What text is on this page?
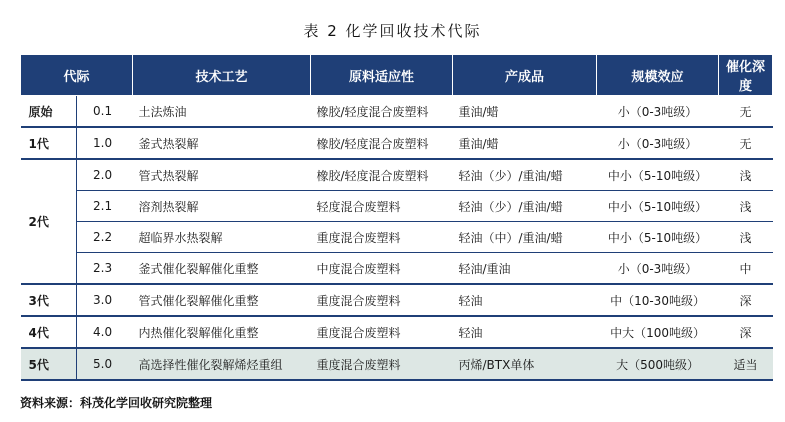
表 2 化学回收技术代际
代际		技术工艺	原料适应性	产成品	规模效应	催化深度
原始	0.1	土法炼油	橡胶/轻度混合废塑料	重油/蜡	小（0-3吨级）	无
1代	1.0	釜式热裂解	橡胶/轻度混合废塑料	重油/蜡	小（0-3吨级）	无
2代	2.0	管式热裂解	橡胶/轻度混合废塑料	轻油（少）/重油/蜡	中小（5-10吨级）	浅
	2.1	溶剂热裂解	轻度混合废塑料	轻油（少）/重油/蜡	中小（5-10吨级）	浅
	2.2	超临界水热裂解	重度混合废塑料	轻油（中）/重油/蜡	中小（5-10吨级）	浅
	2.3	釜式催化裂解催化重整	中度混合废塑料	轻油/重油	小（0-3吨级）	中
3代	3.0	管式催化裂解催化重整	重度混合废塑料	轻油	中（10-30吨级）	深
4代	4.0	内热催化裂解催化重整	重度混合废塑料	轻油	中大（100吨级）	深
5代	5.0	高选择性催化裂解烯烃重组	重度混合废塑料	丙烯/BTX单体	大（500吨级）	适当
资料来源：科茂化学回收研究院整理
